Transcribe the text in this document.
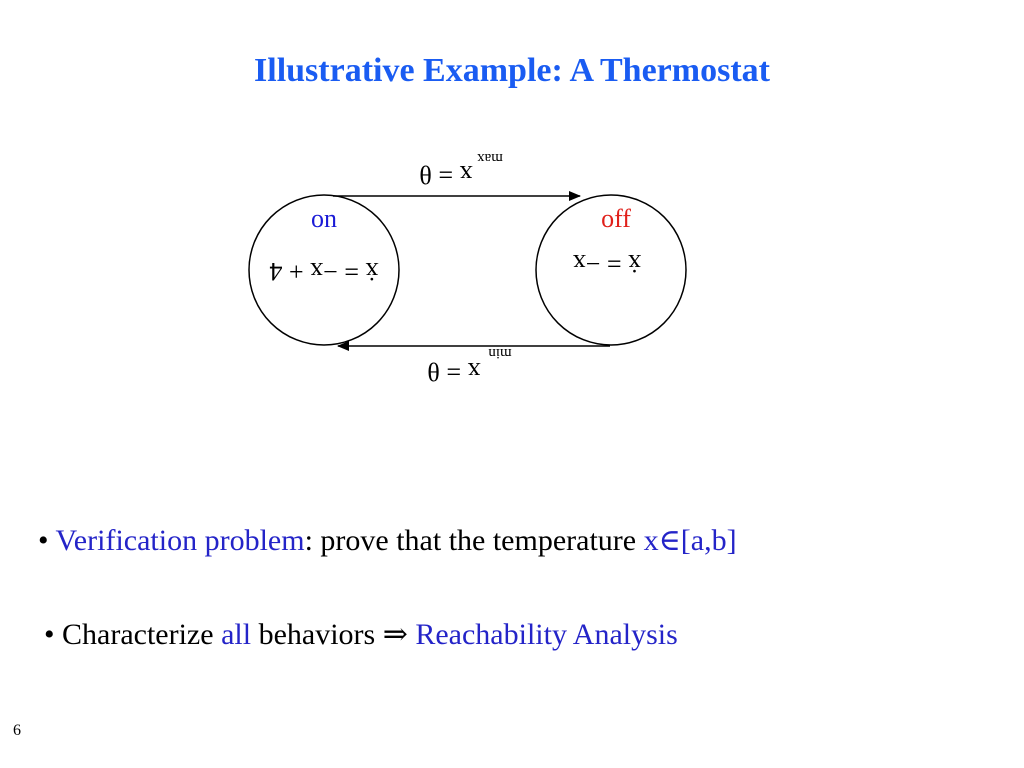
Illustrative Example: A Thermostat
on
ẋ = −x + 4
off
ẋ = −x
x = θ
max
x = θ
min
• Verification problem: prove that the temperature x∈[a,b]
• Characterize all behaviors ⇒ Reachability Analysis
6
